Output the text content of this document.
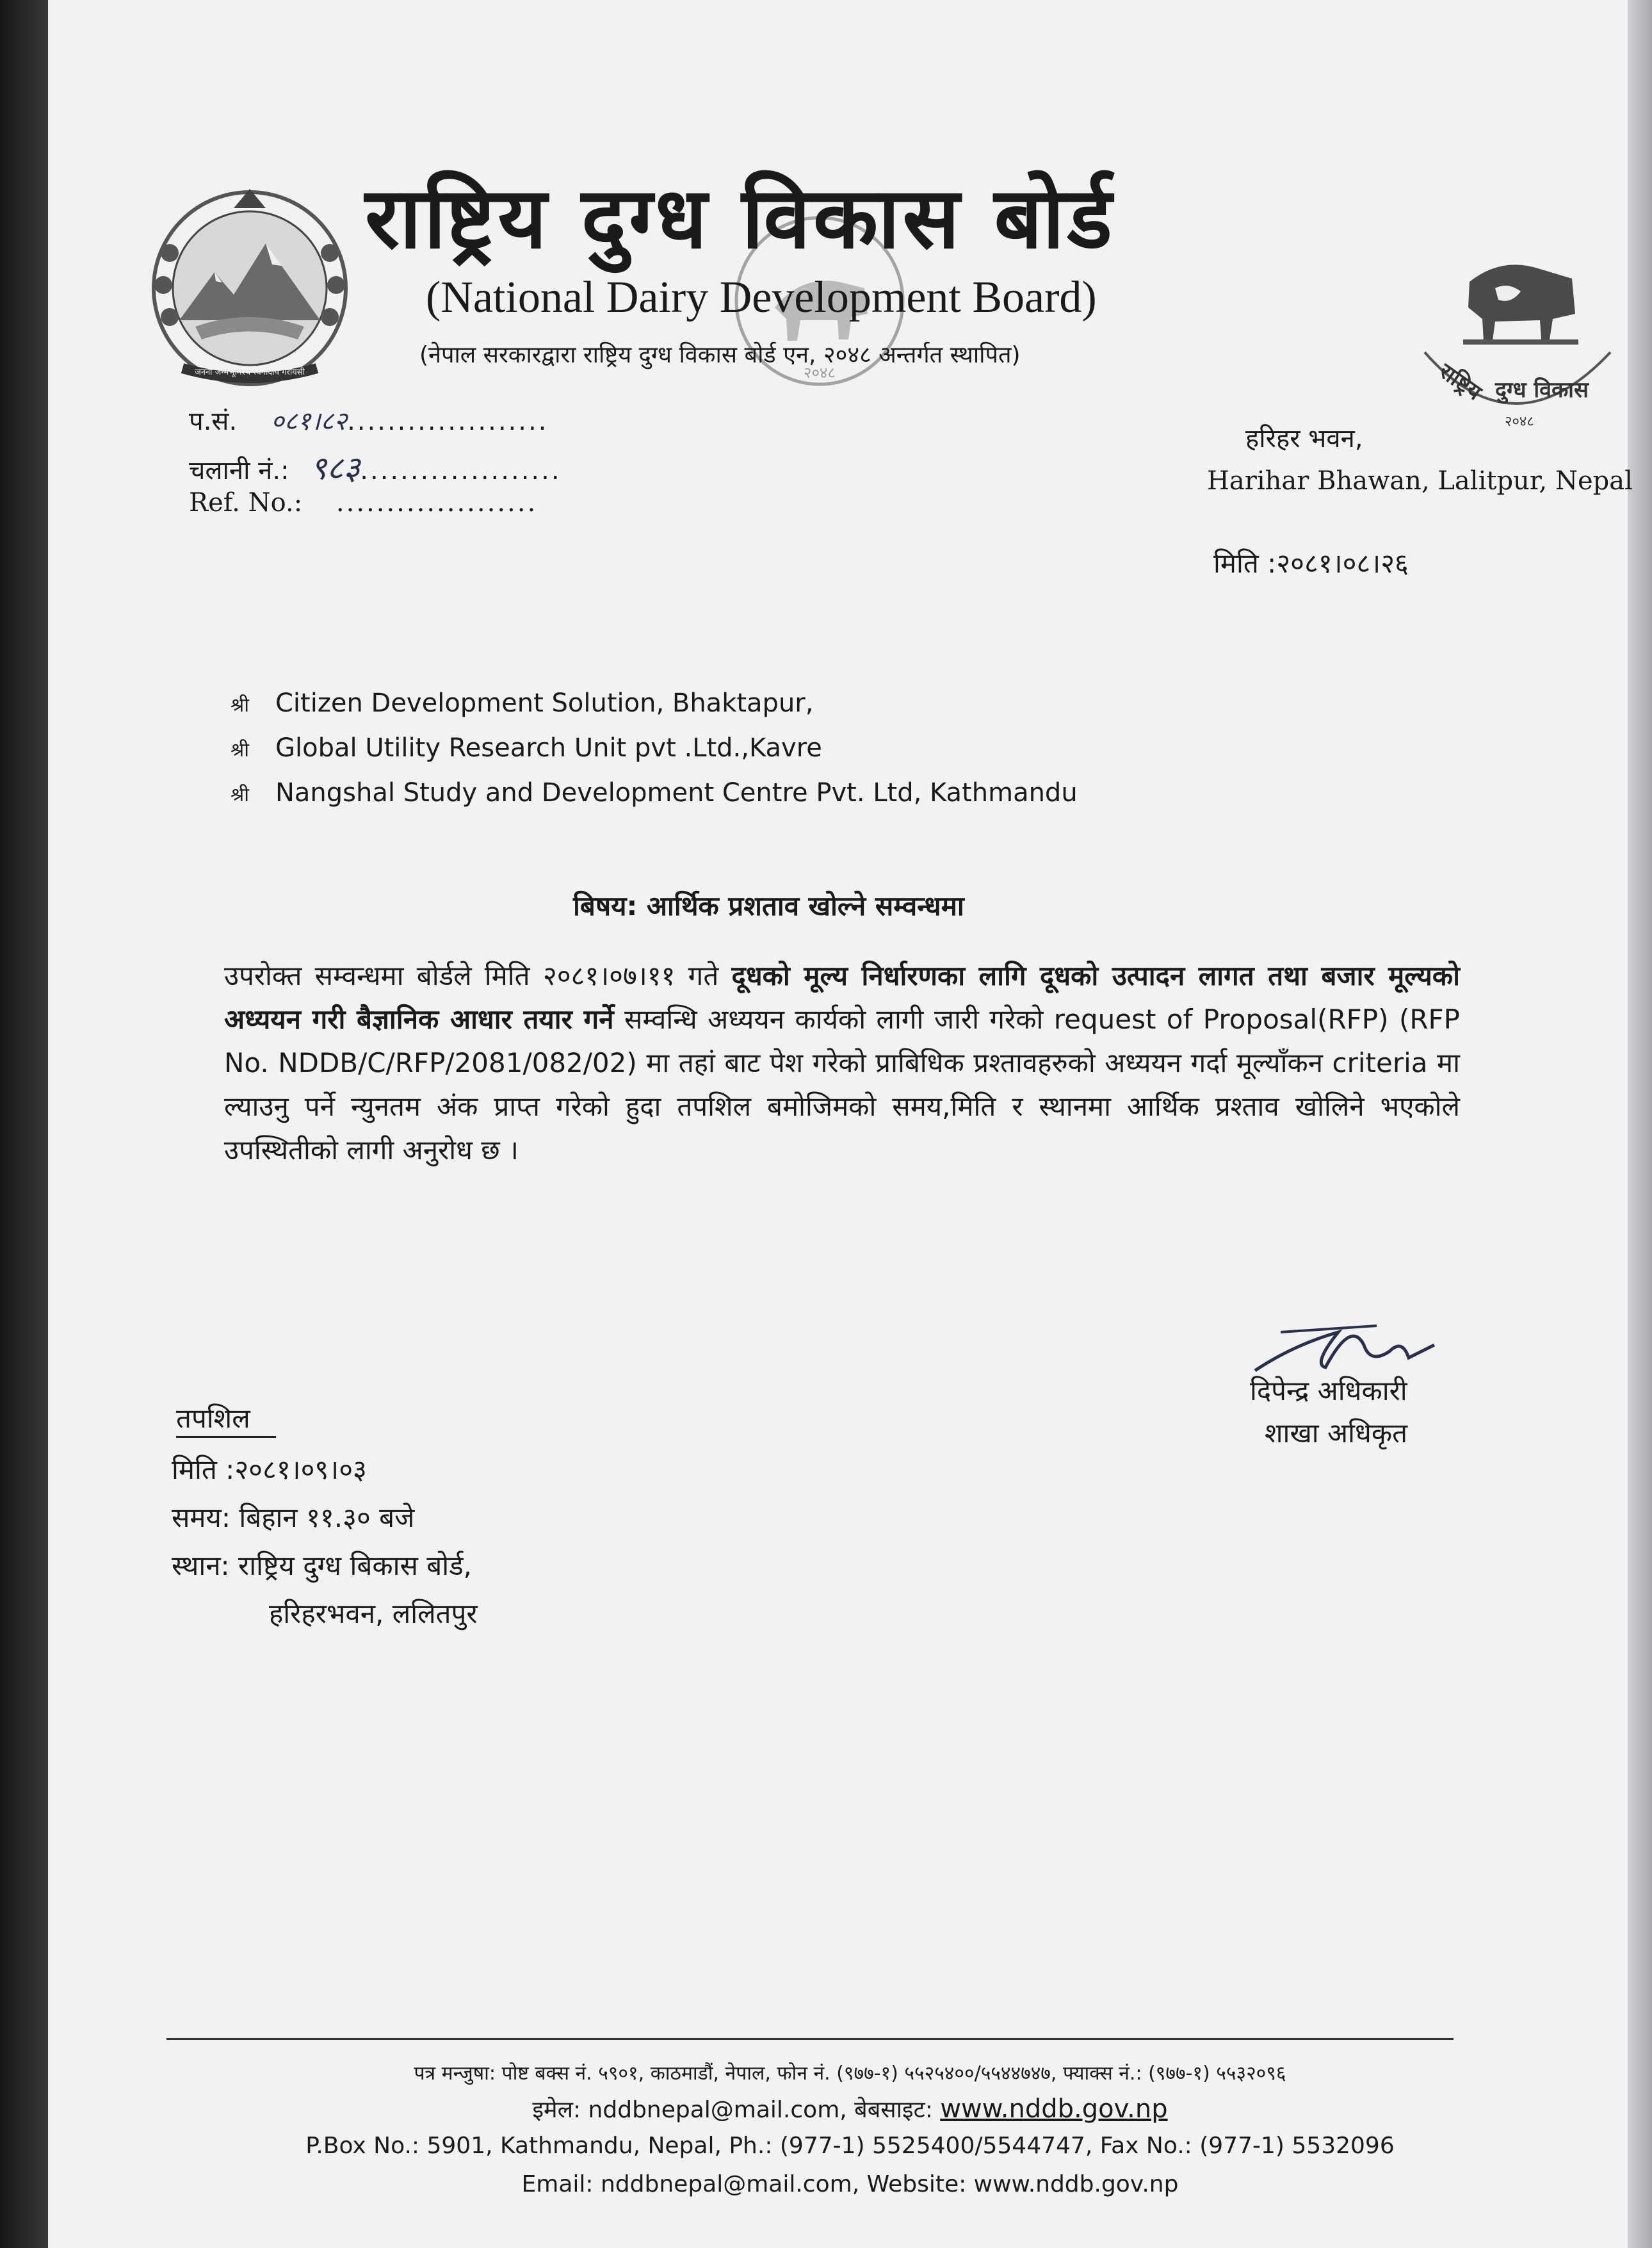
जननी जन्मभूमिश्च स्वर्गादपि गरीयसी	२०४८	राष्ट्रिय दुग्ध विकास
२०४८
राष्ट्रिय दुग्ध विकास बोर्ड
(National Dairy Development Board)
(नेपाल सरकारद्वारा राष्ट्रिय दुग्ध विकास बोर्ड एन, २०४८ अन्तर्गत स्थापित)
प.सं. ०८१।८२....................
चलानी नं.: ९८३....................
Ref. No.: ....................
हरिहर भवन,
Harihar Bhawan, Lalitpur, Nepal
मिति :२०८१।०८।२६
श्री Citizen Development Solution, Bhaktapur,
श्री Global Utility Research Unit pvt .Ltd.,Kavre
श्री Nangshal Study and Development Centre Pvt. Ltd, Kathmandu
बिषय: आर्थिक प्रशताव खोल्ने सम्वन्धमा
उपरोक्त सम्वन्धमा बोर्डले मिति २०८१।०७।११ गते दूधको मूल्य निर्धारणका लागि दूधको उत्पादन लागत तथा बजार मूल्यको अध्ययन गरी बैज्ञानिक आधार तयार गर्ने सम्वन्धि अध्ययन कार्यको लागी जारी गरेको request of Proposal(RFP) (RFP No. NDDB/C/RFP/2081/082/02) मा तहां बाट पेश गरेको प्राबिधिक प्रश्तावहरुको अध्ययन गर्दा मूल्याँकन criteria मा ल्याउनु पर्ने न्युनतम अंक प्राप्त गरेको हुदा तपशिल बमोजिमको समय,मिति र स्थानमा आर्थिक प्रश्ताव खोलिने भएकोले उपस्थितीको लागी अनुरोध छ ।
दिपेन्द्र अधिकारी
शाखा अधिकृत
तपशिल
मिति :२०८१।०९।०३
समय: बिहान ११.३० बजे
स्थान: राष्ट्रिय दुग्ध बिकास बोर्ड,
हरिहरभवन, ललितपुर
पत्र मन्जुषा: पोष्ट बक्स नं. ५९०१, काठमाडौं, नेपाल, फोन नं. (९७७-१) ५५२५४००/५५४४७४७, फ्याक्स नं.: (९७७-१) ५५३२०९६
इमेल: nddbnepal@mail.com, बेबसाइट: www.nddb.gov.np
P.Box No.: 5901, Kathmandu, Nepal, Ph.: (977-1) 5525400/5544747, Fax No.: (977-1) 5532096
Email: nddbnepal@mail.com, Website: www.nddb.gov.np
